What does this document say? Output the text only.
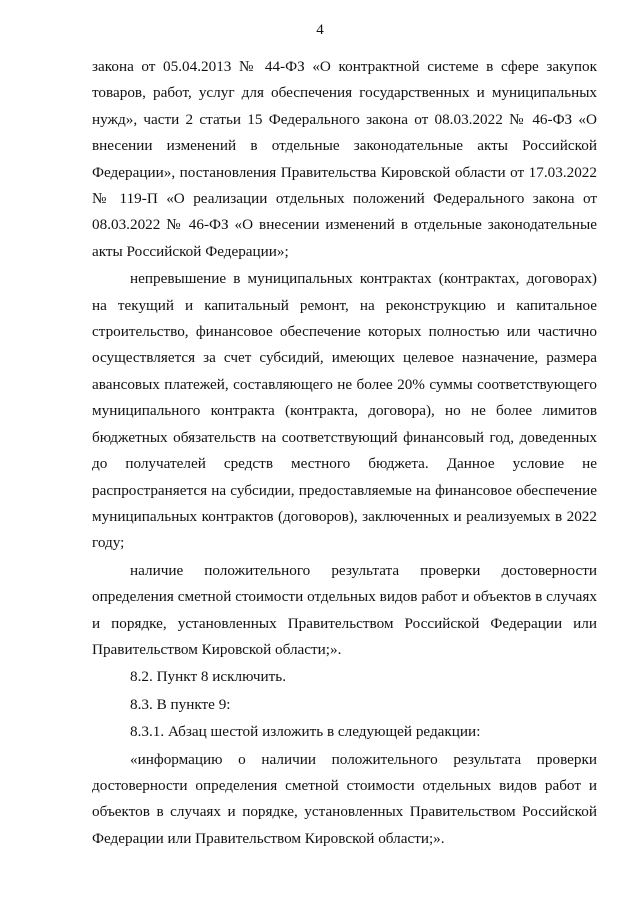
4

закона от 05.04.2013 № 44-ФЗ «О контрактной системе в сфере закупок товаров, работ, услуг для обеспечения государственных и муниципальных нужд», части 2 статьи 15 Федерального закона от 08.03.2022 № 46-ФЗ «О внесении изменений в отдельные законодательные акты Российской Федерации», постановления Правительства Кировской области от 17.03.2022 № 119-П «О реализации отдельных положений Федерального закона от 08.03.2022 № 46-ФЗ «О внесении изменений в отдельные законодательные акты Российской Федерации»;

непревышение в муниципальных контрактах (контрактах, договорах) на текущий и капитальный ремонт, на реконструкцию и капитальное строительство, финансовое обеспечение которых полностью или частично осуществляется за счет субсидий, имеющих целевое назначение, размера авансовых платежей, составляющего не более 20% суммы соответствующего муниципального контракта (контракта, договора), но не более лимитов бюджетных обязательств на соответствующий финансовый год, доведенных до получателей средств местного бюджета. Данное условие не распространяется на субсидии, предоставляемые на финансовое обеспечение муниципальных контрактов (договоров), заключенных и реализуемых в 2022 году;

наличие положительного результата проверки достоверности определения сметной стоимости отдельных видов работ и объектов в случаях и порядке, установленных Правительством Российской Федерации или Правительством Кировской области;».

8.2. Пункт 8 исключить.

8.3. В пункте 9:

8.3.1. Абзац шестой изложить в следующей редакции:

«информацию о наличии положительного результата проверки достоверности определения сметной стоимости отдельных видов работ и объектов в случаях и порядке, установленных Правительством Российской Федерации или Правительством Кировской области;».
